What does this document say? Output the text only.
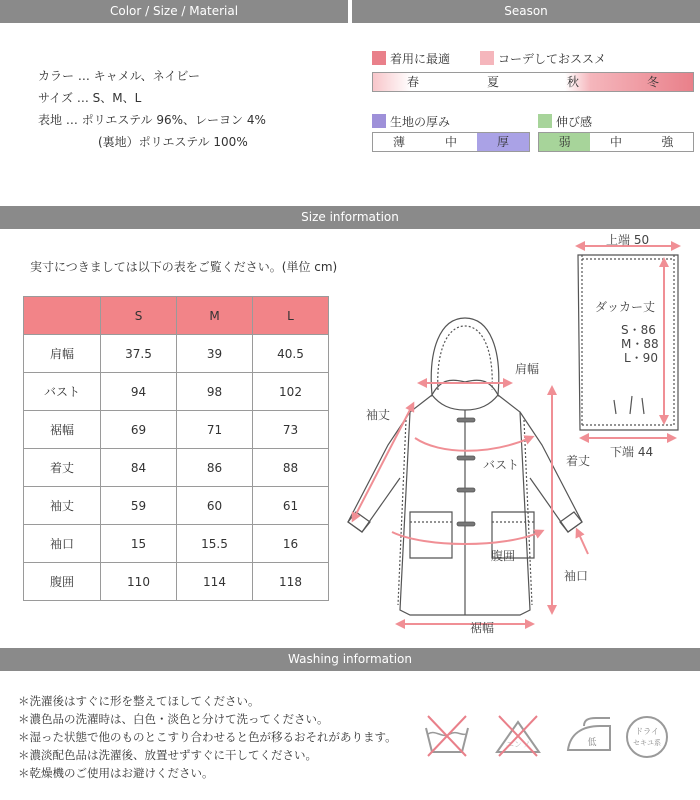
Color / Size / Material	Season
カラー … キャメル、ネイビー
サイズ … S、M、L
表地 … ポリエステル 96%、レーヨン 4%
(裏地）ポリエステル 100%
着用に最適	コーデしておススメ
春	夏	秋	冬
生地の厚み
薄	中	厚
伸び感
弱	中	強
Size information
実寸につきましては以下の表をご覧ください。(単位 cm)
	S	M	L
肩幅	37.5	39	40.5
バスト	94	98	102
裾幅	69	71	73
着丈	84	86	88
袖丈	59	60	61
袖口	15	15.5	16
腹囲	110	114	118
肩幅
袖丈
バスト	着丈
腹囲
袖口
裾幅
上端 50
ダッカー丈
S・86
M・88
L・90
下端 44
Washing information
＊洗濯後はすぐに形を整えてほしてください。
＊濃色品の洗濯時は、白色・淡色と分けて洗ってください。
＊湿った状態で他のものとこすり合わせると色が移るおそれがあります。
＊濃淡配色品は洗濯後、放置せずすぐに干してください。
＊乾燥機のご使用はお避けください。
エンソ	低
ドライ
セキユ系
